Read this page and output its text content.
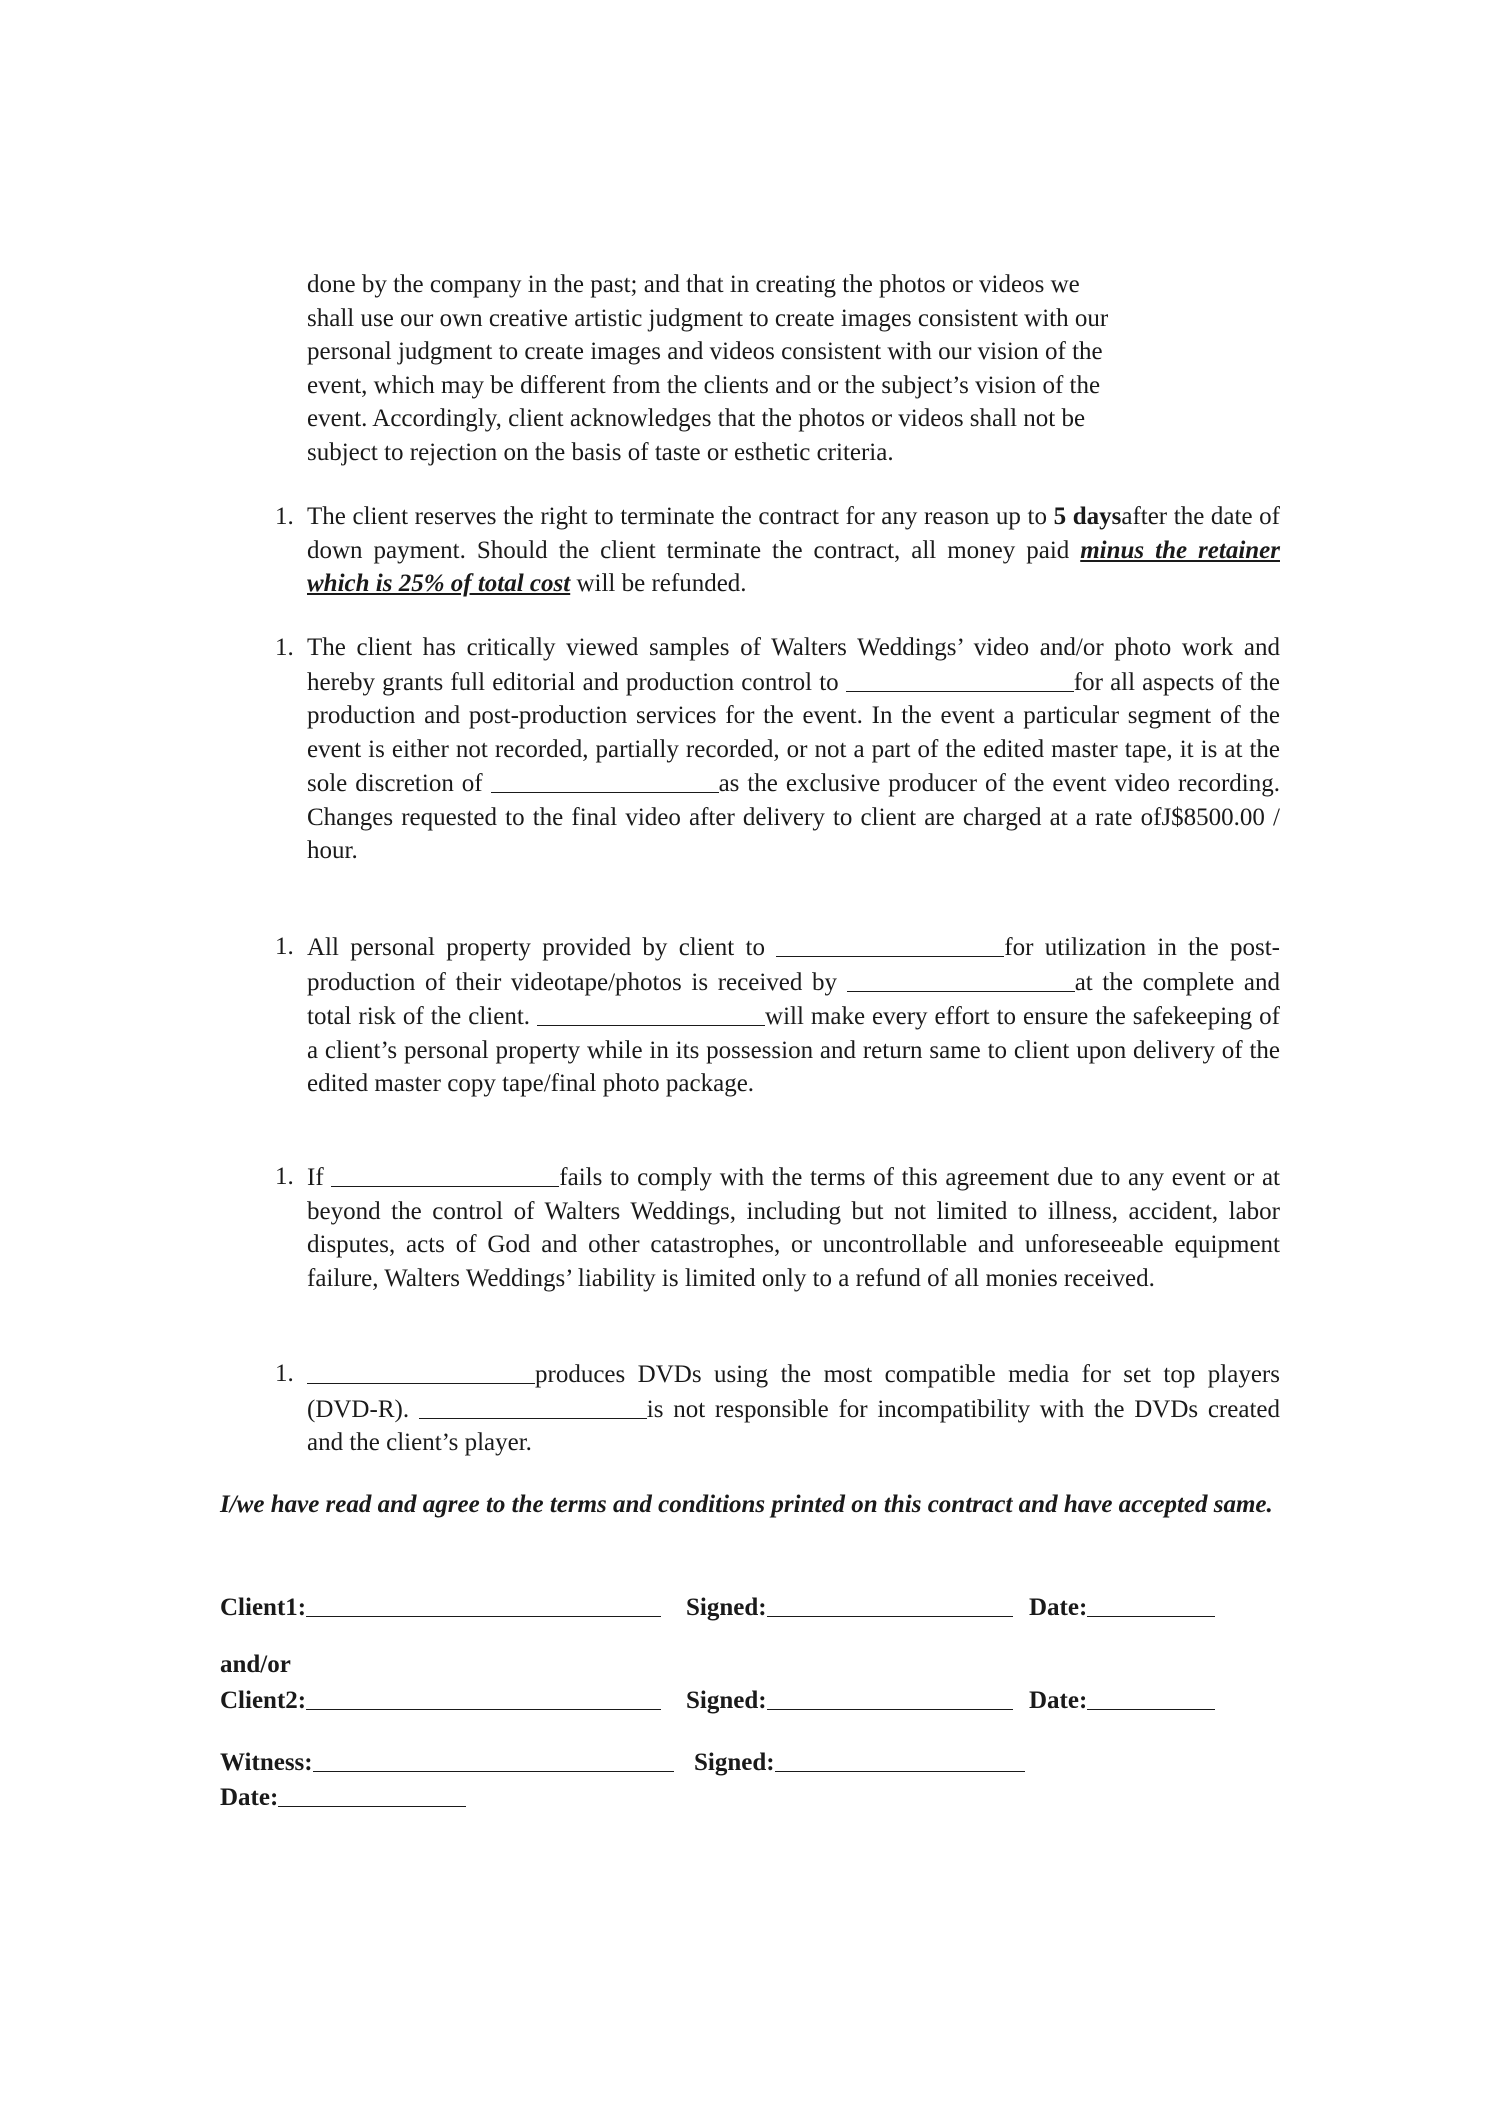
done by the company in the past; and that in creating the photos or videos we

shall use our own creative artistic judgment to create images consistent with our

personal judgment to create images and videos consistent with our vision of the

event, which may be different from the clients and or the subject’s vision of the

event. Accordingly, client acknowledges that the photos or videos shall not be

subject to rejection on the basis of taste or esthetic criteria.

1. The client reserves the right to terminate the contract for any reason up to 5 daysafter the date of down payment. Should the client terminate the contract, all money paid minus the retainer which is 25% of total cost will be refunded.
1. The client has critically viewed samples of Walters Weddings’ video and/or photo work and hereby grants full editorial and production control to	for all aspects of the production and post-production services for the event. In the event a particular segment of the event is either not recorded, partially recorded, or not a part of the edited master tape, it is at the sole discretion of	as the exclusive producer of the event video recording. Changes requested to the final video after delivery to client are charged at a rate ofJ$8500.00 / hour.
1. All personal property provided by client to	for utilization in the post- production of their videotape/photos is received by	at the complete and total risk of the client.	will make every effort to ensure the safekeeping of a client’s personal property while in its possession and return same to client upon delivery of the edited master copy tape/final photo package.
1. If	fails to comply with the terms of this agreement due to any event or at beyond the control of Walters Weddings, including but not limited to illness, accident, labor disputes, acts of God and other catastrophes, or uncontrollable and unforeseeable equipment failure, Walters Weddings’ liability is limited only to a refund of all monies received.
1.	produces DVDs using the most compatible media for set top players (DVD-R).	is not responsible for incompatibility with the DVDs created and the client’s player.
I/we have read and agree to the terms and conditions printed on this contract and have accepted same.
Client1:	Signed:	Date:
and/or
Client2:	Signed:	Date:
Witness:	Signed:
Date:
